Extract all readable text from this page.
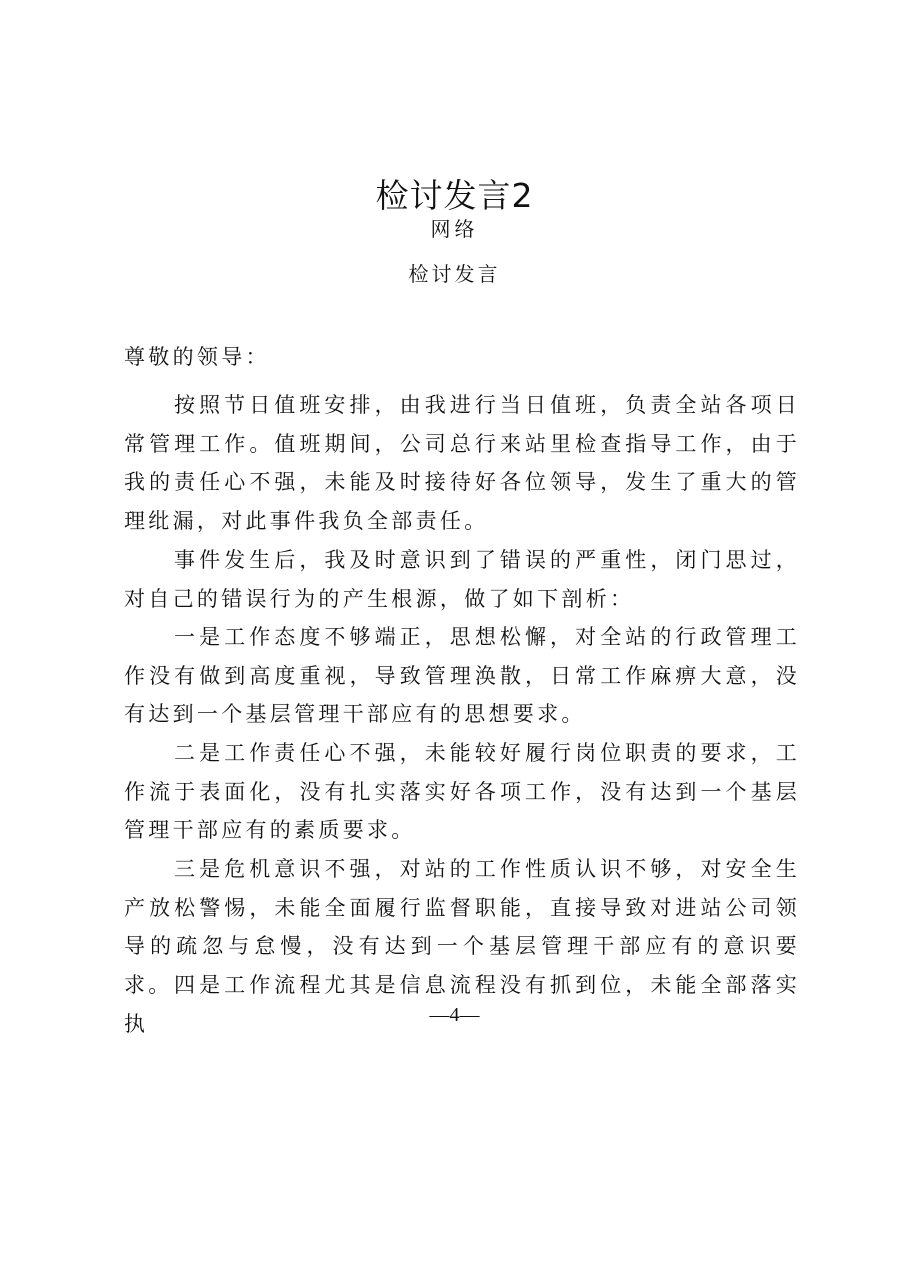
检讨发言2
网络
检讨发言
尊敬的领导：

按照节日值班安排，由我进行当日值班，负责全站各项日常管理工作。值班期间，公司总行来站里检查指导工作，由于我的责任心不强，未能及时接待好各位领导，发生了重大的管理纰漏，对此事件我负全部责任。

事件发生后，我及时意识到了错误的严重性，闭门思过，对自己的错误行为的产生根源，做了如下剖析：

一是工作态度不够端正，思想松懈，对全站的行政管理工作没有做到高度重视，导致管理涣散，日常工作麻痹大意，没有达到一个基层管理干部应有的思想要求。

二是工作责任心不强，未能较好履行岗位职责的要求，工作流于表面化，没有扎实落实好各项工作，没有达到一个基层管理干部应有的素质要求。

三是危机意识不强，对站的工作性质认识不够，对安全生产放松警惕，未能全面履行监督职能，直接导致对进站公司领导的疏忽与怠慢，没有达到一个基层管理干部应有的意识要求。 四是工作流程尤其是信息流程没有抓到位，未能全部落实执	—4—
